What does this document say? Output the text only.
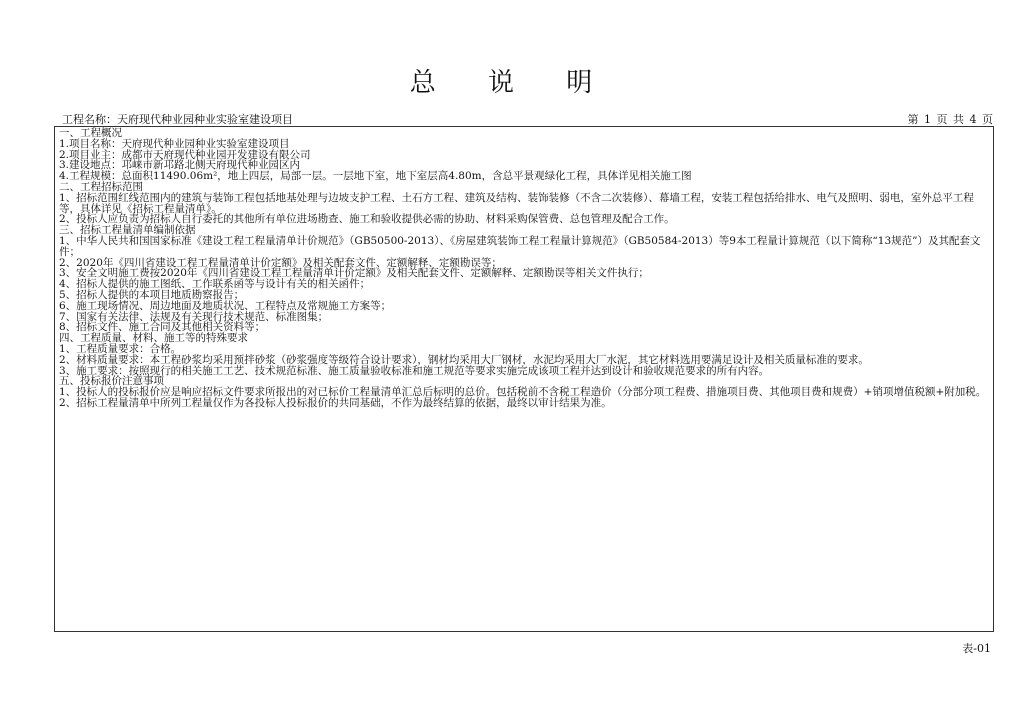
总 说 明
工程名称：天府现代种业园种业实验室建设项目	第 1 页 共 4 页
一、工程概况
1.项目名称：天府现代种业园种业实验室建设项目
2.项目业主：成都市天府现代种业园开发建设有限公司
3.建设地点：邛崃市新邛路北侧天府现代种业园区内
4.工程规模：总面积11490.06m²，地上四层，局部一层。一层地下室，地下室层高4.80m，含总平景观绿化工程，具体详见相关施工图
二、工程招标范围
1、招标范围红线范围内的建筑与装饰工程包括地基处理与边坡支护工程、土石方工程、建筑及结构、装饰装修（不含二次装修）、幕墙工程，安装工程包括给排水、电气及照明、弱电，室外总平工程等，具体详见《招标工程量清单》。
2、投标人应负责为招标人自行委托的其他所有单位进场勘查、施工和验收提供必需的协助、材料采购保管费、总包管理及配合工作。
三、招标工程量清单编制依据
1、中华人民共和国国家标准《建设工程工程量清单计价规范》（GB50500-2013）、《房屋建筑装饰工程工程量计算规范》（GB50584-2013）等9本工程量计算规范（以下简称“13规范”）及其配套文件；
2、2020年《四川省建设工程工程量清单计价定额》及相关配套文件、定额解释、定额勘误等；
3、安全文明施工费按2020年《四川省建设工程工程量清单计价定额》及相关配套文件、定额解释、定额勘误等相关文件执行；
4、招标人提供的施工图纸、工作联系函等与设计有关的相关函件；
5、招标人提供的本项目地质勘察报告；
6、施工现场情况、周边地面及地质状况、工程特点及常规施工方案等；
7、国家有关法律、法规及有关现行技术规范、标准图集；
8、招标文件、施工合同及其他相关资料等；
四、工程质量、材料、施工等的特殊要求
1、工程质量要求：合格。
2、材料质量要求：本工程砂浆均采用预拌砂浆（砂浆强度等级符合设计要求），钢材均采用大厂钢材，水泥均采用大厂水泥，其它材料选用要满足设计及相关质量标准的要求。
3、施工要求：按照现行的相关施工工艺、技术规范标准、施工质量验收标准和施工规范等要求实施完成该项工程并达到设计和验收规范要求的所有内容。
五、投标报价注意事项
1、投标人的投标报价应是响应招标文件要求所报出的对已标价工程量清单汇总后标明的总价。包括税前不含税工程造价（分部分项工程费、措施项目费、其他项目费和规费）+销项增值税额+附加税。
2、招标工程量清单中所列工程量仅作为各投标人投标报价的共同基础，不作为最终结算的依据，最终以审计结果为准。
表-01
